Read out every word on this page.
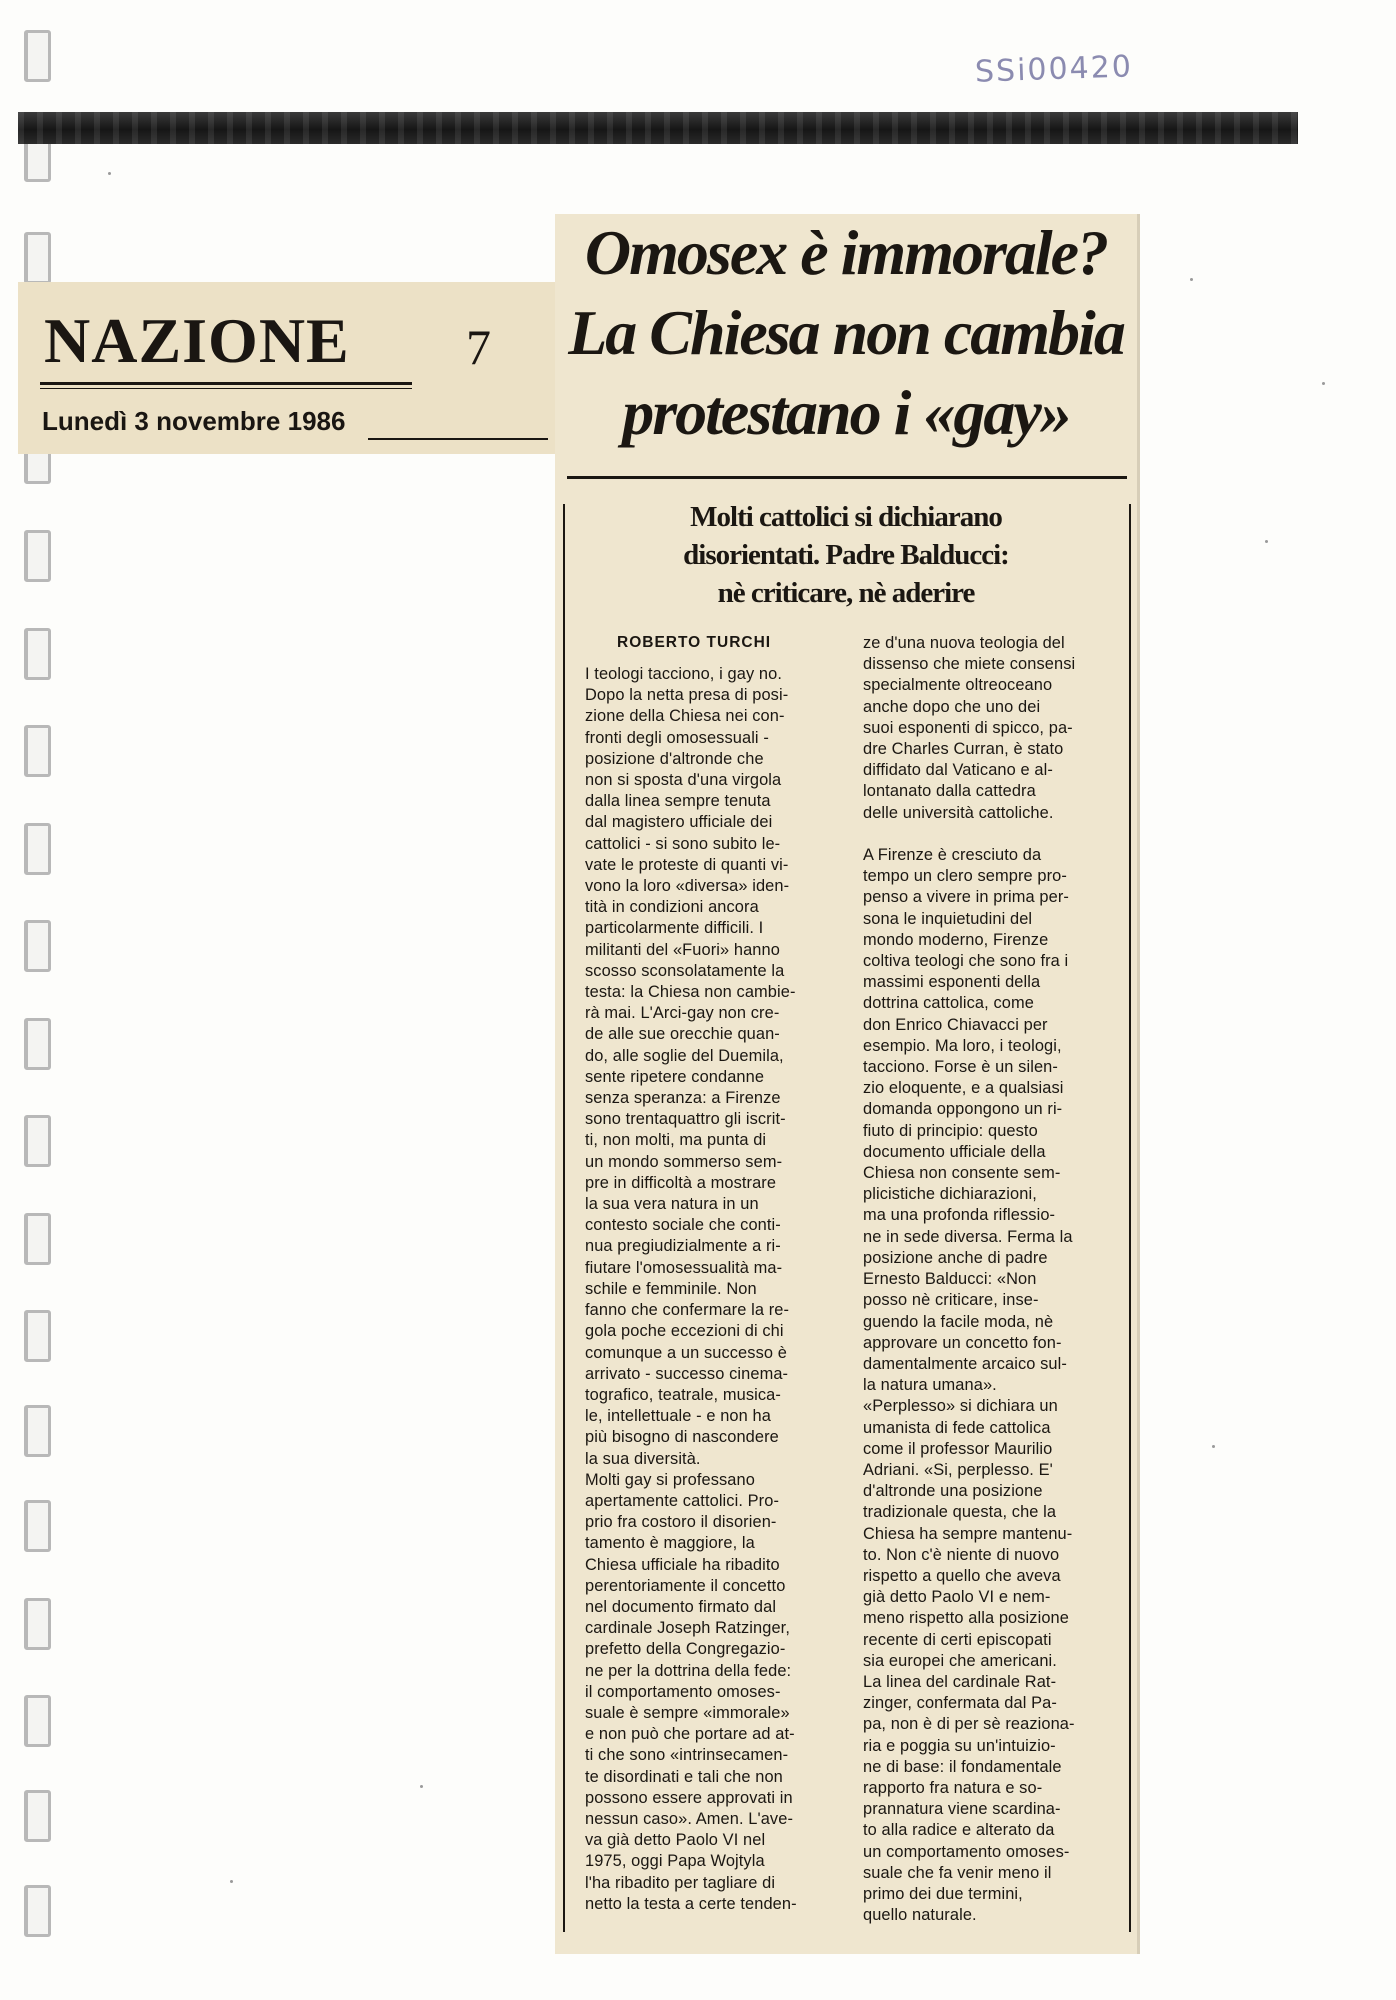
SSi00420
NAZIONE
Lunedì 3 novembre 1986
7
Omosex è immorale?
La Chiesa non cambia
protestano i «gay»
Molti cattolici si dichiarano
disorientati. Padre Balducci:
nè criticare, nè aderire
ROBERTO TURCHI
I teologi tacciono, i gay no.
Dopo la netta presa di posi-
zione della Chiesa nei con-
fronti degli omosessuali -
posizione d'altronde che
non si sposta d'una virgola
dalla linea sempre tenuta
dal magistero ufficiale dei
cattolici - si sono subito le-
vate le proteste di quanti vi-
vono la loro «diversa» iden-
tità in condizioni ancora
particolarmente difficili. I
militanti del «Fuori» hanno
scosso sconsolatamente la
testa: la Chiesa non cambie-
rà mai. L'Arci-gay non cre-
de alle sue orecchie quan-
do, alle soglie del Duemila,
sente ripetere condanne
senza speranza: a Firenze
sono trentaquattro gli iscrit-
ti, non molti, ma punta di
un mondo sommerso sem-
pre in difficoltà a mostrare
la sua vera natura in un
contesto sociale che conti-
nua pregiudizialmente a ri-
fiutare l'omosessualità ma-
schile e femminile. Non
fanno che confermare la re-
gola poche eccezioni di chi
comunque a un successo è
arrivato - successo cinema-
tografico, teatrale, musica-
le, intellettuale - e non ha
più bisogno di nascondere
la sua diversità.
Molti gay si professano
apertamente cattolici. Pro-
prio fra costoro il disorien-
tamento è maggiore, la
Chiesa ufficiale ha ribadito
perentoriamente il concetto
nel documento firmato dal
cardinale Joseph Ratzinger,
prefetto della Congregazio-
ne per la dottrina della fede:
il comportamento omoses-
suale è sempre «immorale»
e non può che portare ad at-
ti che sono «intrinsecamen-
te disordinati e tali che non
possono essere approvati in
nessun caso». Amen. L'ave-
va già detto Paolo VI nel
1975, oggi Papa Wojtyla
l'ha ribadito per tagliare di
netto la testa a certe tenden-
ze d'una nuova teologia del
dissenso che miete consensi
specialmente oltreoceano
anche dopo che uno dei
suoi esponenti di spicco, pa-
dre Charles Curran, è stato
diffidato dal Vaticano e al-
lontanato dalla cattedra
delle università cattoliche.

A Firenze è cresciuto da
tempo un clero sempre pro-
penso a vivere in prima per-
sona le inquietudini del
mondo moderno, Firenze
coltiva teologi che sono fra i
massimi esponenti della
dottrina cattolica, come
don Enrico Chiavacci per
esempio. Ma loro, i teologi,
tacciono. Forse è un silen-
zio eloquente, e a qualsiasi
domanda oppongono un ri-
fiuto di principio: questo
documento ufficiale della
Chiesa non consente sem-
plicistiche dichiarazioni,
ma una profonda riflessio-
ne in sede diversa. Ferma la
posizione anche di padre
Ernesto Balducci: «Non
posso nè criticare, inse-
guendo la facile moda, nè
approvare un concetto fon-
damentalmente arcaico sul-
la natura umana».
«Perplesso» si dichiara un
umanista di fede cattolica
come il professor Maurilio
Adriani. «Si, perplesso. E'
d'altronde una posizione
tradizionale questa, che la
Chiesa ha sempre mantenu-
to. Non c'è niente di nuovo
rispetto a quello che aveva
già detto Paolo VI e nem-
meno rispetto alla posizione
recente di certi episcopati
sia europei che americani.
La linea del cardinale Rat-
zinger, confermata dal Pa-
pa, non è di per sè reaziona-
ria e poggia su un'intuizio-
ne di base: il fondamentale
rapporto fra natura e so-
prannatura viene scardina-
to alla radice e alterato da
un comportamento omoses-
suale che fa venir meno il
primo dei due termini,
quello naturale.
